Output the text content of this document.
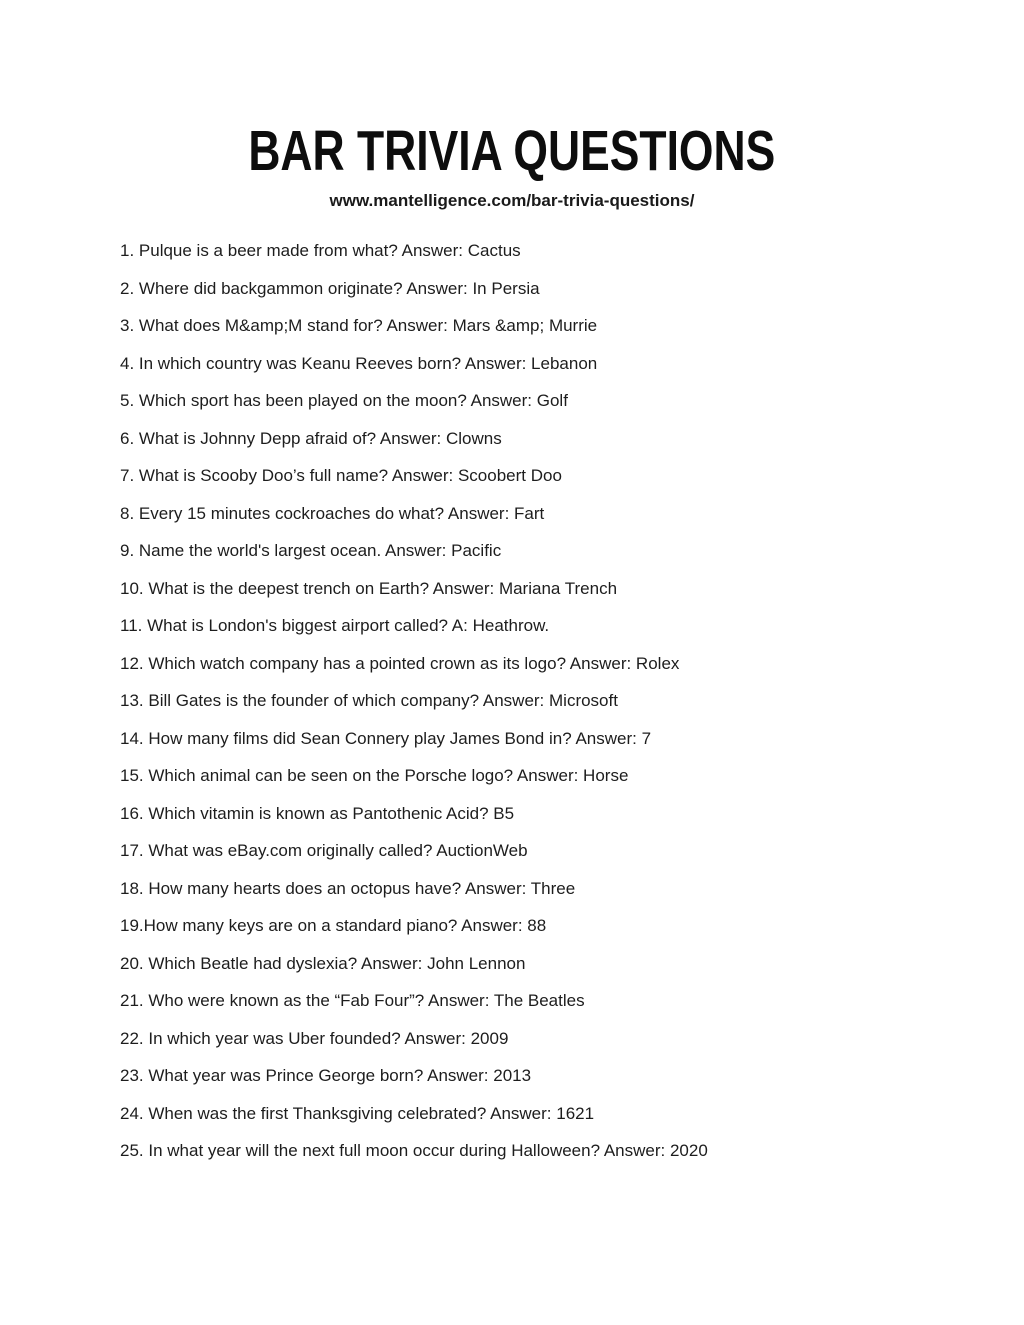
BAR TRIVIA QUESTIONS
www.mantelligence.com/bar-trivia-questions/
1. Pulque is a beer made from what? Answer: Cactus
2. Where did backgammon originate? Answer: In Persia
3. What does M&amp;M stand for? Answer: Mars &amp; Murrie
4. In which country was Keanu Reeves born? Answer: Lebanon
5. Which sport has been played on the moon? Answer: Golf
6. What is Johnny Depp afraid of? Answer: Clowns
7. What is Scooby Doo’s full name? Answer: Scoobert Doo
8. Every 15 minutes cockroaches do what? Answer: Fart
9. Name the world's largest ocean. Answer: Pacific
10. What is the deepest trench on Earth? Answer: Mariana Trench
11. What is London's biggest airport called? A: Heathrow.
12. Which watch company has a pointed crown as its logo? Answer: Rolex
13. Bill Gates is the founder of which company? Answer: Microsoft
14. How many films did Sean Connery play James Bond in? Answer: 7
15. Which animal can be seen on the Porsche logo? Answer: Horse
16. Which vitamin is known as Pantothenic Acid? B5
17. What was eBay.com originally called? AuctionWeb
18. How many hearts does an octopus have? Answer: Three
19.How many keys are on a standard piano? Answer: 88
20. Which Beatle had dyslexia? Answer: John Lennon
21. Who were known as the “Fab Four”? Answer: The Beatles
22. In which year was Uber founded? Answer: 2009
23. What year was Prince George born? Answer: 2013
24. When was the first Thanksgiving celebrated? Answer: 1621
25. In what year will the next full moon occur during Halloween? Answer: 2020
